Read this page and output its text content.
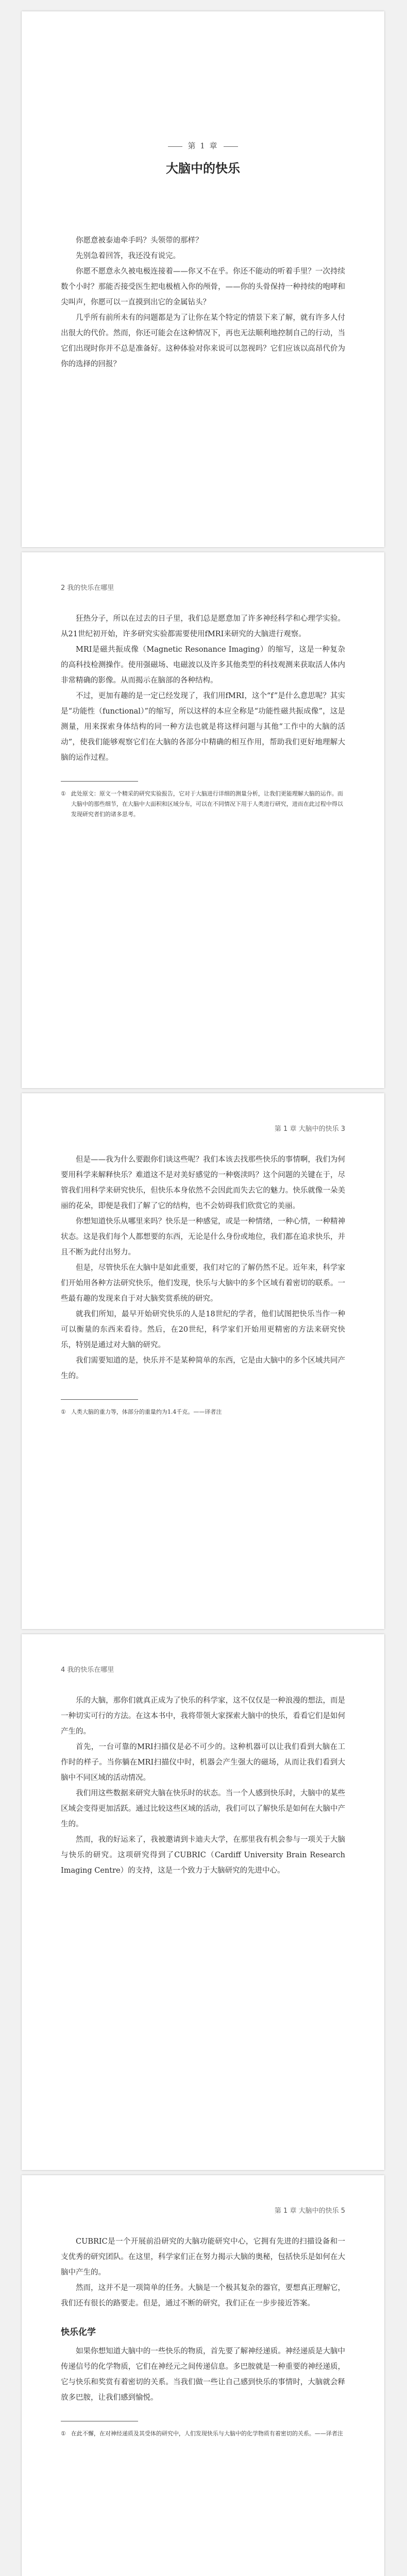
第 1 章
大脑中的快乐

你愿意被泰迪牵手吗？头领带的那样？

先别急着回答，我还没有说完。

你愿不愿意永久被电极连接着——你又不在乎。你还不能动的听着手里？一次持续数个小时？那能否接受医生把电极植入你的颅骨，——你的头骨保持一种持续的咆哮和尖叫声，你愿可以一直摸到出它的金属钻头？

几乎所有前所未有的问题都是为了让你在某个特定的情景下来了解，就有许多人付出很大的代价。然而，你还可能会在这种情况下，再也无法顺利地控制自己的行动，当它们出现时你并不总是准备好。这种体验对你来说可以忽视吗？它们应该以高昂代价为你的选择的回报？

2 我的快乐在哪里

狂热分子，所以在过去的日子里，我们总是愿意加了许多神经科学和心理学实验。从21世纪初开始，许多研究实验都需要使用fMRI来研究的大脑进行观察。

MRI是磁共振成像（Magnetic Resonance Imaging）的缩写，这是一种复杂的高科技检测操作。使用强磁场、电磁波以及许多其他类型的科技观测来获取活人体内非常精确的影像。从而揭示在脑部的各种结构。

不过，更加有趣的是一定已经发现了，我们用fMRI，这个“f”是什么意思呢？其实是“功能性（functional）”的缩写，所以这样的本应全称是“功能性磁共振成像”，这是测量，用来探索身体结构的同一种方法也就是将这样问题与其他“工作中的大脑的活动”，使我们能够观察它们在大脑的各部分中精确的相互作用，帮助我们更好地理解大脑的运作过程。

① 此处原文：原文一个精采的研究实验报告，它对于大脑进行详细的测量分析，让我们更能理解大脑的运作。而大脑中的那些细节，在大脑中大面积和区域分布，可以在不同情况下用于人类进行研究，进而在此过程中得以发现研究者们的诸多思考。
第 1 章 大脑中的快乐 3

但是——我为什么要跟你们谈这些呢？我们本该去找那些快乐的事情啊，我们为何要用科学来解释快乐？难道这不是对美好感觉的一种亵渎吗？这个问题的关键在于，尽管我们用科学来研究快乐，但快乐本身依然不会因此而失去它的魅力。快乐就像一朵美丽的花朵，即便是我们了解了它的结构，也不会妨碍我们欣赏它的美丽。

你想知道快乐从哪里来吗？快乐是一种感觉，或是一种情绪，一种心情，一种精神状态。这是我们每个人都想要的东西，无论是什么身份或地位，我们都在追求快乐，并且不断为此付出努力。

但是，尽管快乐在大脑中是如此重要，我们对它的了解仍然不足。近年来，科学家们开始用各种方法研究快乐，他们发现，快乐与大脑中的多个区域有着密切的联系。一些最有趣的发现来自于对大脑奖赏系统的研究。

就我们所知，最早开始研究快乐的人是18世纪的学者，他们试图把快乐当作一种可以衡量的东西来看待。然后，在20世纪，科学家们开始用更精密的方法来研究快乐，特别是通过对大脑的研究。

我们需要知道的是，快乐并不是某种简单的东西，它是由大脑中的多个区域共同产生的。

① 人类大脑的重力等，体部分的重量约为1.4千克。——译者注
4 我的快乐在哪里

乐的大脑，那你们就真正成为了快乐的科学家，这不仅仅是一种浪漫的想法，而是一种切实可行的方法。在这本书中，我将带领大家探索大脑中的快乐，看看它们是如何产生的。

首先，一台可靠的MRI扫描仪是必不可少的。这种机器可以让我们看到大脑在工作时的样子。当你躺在MRI扫描仪中时，机器会产生强大的磁场，从而让我们看到大脑中不同区域的活动情况。

我们用这些数据来研究大脑在快乐时的状态。当一个人感到快乐时，大脑中的某些区域会变得更加活跃。通过比较这些区域的活动，我们可以了解快乐是如何在大脑中产生的。

然而，我的好运来了，我被邀请到卡迪夫大学，在那里我有机会参与一项关于大脑与快乐的研究。这项研究得到了CUBRIC（Cardiff University Brain Research Imaging Centre）的支持，这是一个致力于大脑研究的先进中心。

第 1 章 大脑中的快乐 5

CUBRIC是一个开展前沿研究的大脑功能研究中心，它拥有先进的扫描设备和一支优秀的研究团队。在这里，科学家们正在努力揭示大脑的奥秘，包括快乐是如何在大脑中产生的。

然而，这并不是一项简单的任务。大脑是一个极其复杂的器官，要想真正理解它，我们还有很长的路要走。但是，通过不断的研究，我们正在一步步接近答案。

快乐化学

如果你想知道大脑中的一些快乐的物质，首先要了解神经递质。神经递质是大脑中传递信号的化学物质，它们在神经元之间传递信息。多巴胺就是一种重要的神经递质，它与快乐和奖赏有着密切的关系。当我们做一些让自己感到快乐的事情时，大脑就会释放多巴胺，让我们感到愉悦。

① 在此不懈，在对神经递质及其受体的研究中，人们发现快乐与大脑中的化学物质有着密切的关系。——译者注
